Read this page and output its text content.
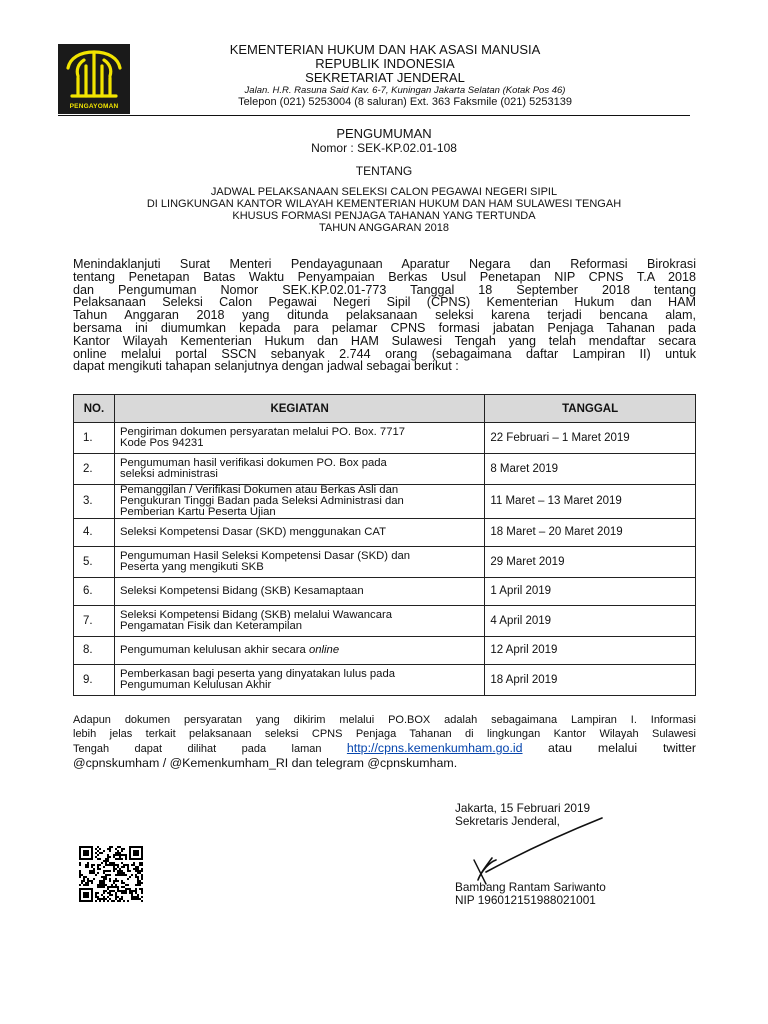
PENGAYOMAN
KEMENTERIAN HUKUM DAN HAK ASASI MANUSIA
REPUBLIK INDONESIA
SEKRETARIAT JENDERAL
Jalan. H.R. Rasuna Said Kav. 6-7, Kuningan Jakarta Selatan (Kotak Pos 46)
Telepon (021) 5253004 (8 saluran) Ext. 363 Faksmile (021) 5253139
PENGUMUMAN
Nomor : SEK-KP.02.01-108
TENTANG
JADWAL PELAKSANAAN SELEKSI CALON PEGAWAI NEGERI SIPIL
DI LINGKUNGAN KANTOR WILAYAH KEMENTERIAN HUKUM DAN HAM SULAWESI TENGAH
KHUSUS FORMASI PENJAGA TAHANAN YANG TERTUNDA
TAHUN ANGGARAN 2018
Menindaklanjuti Surat Menteri Pendayagunaan Aparatur Negara dan Reformasi Birokrasi
tentang Penetapan Batas Waktu Penyampaian Berkas Usul Penetapan NIP CPNS T.A 2018
dan Pengumuman Nomor SEK.KP.02.01-773 Tanggal 18 September 2018 tentang
Pelaksanaan Seleksi Calon Pegawai Negeri Sipil (CPNS) Kementerian Hukum dan HAM
Tahun Anggaran 2018 yang ditunda pelaksanaan seleksi karena terjadi bencana alam,
bersama ini diumumkan kepada para pelamar CPNS formasi jabatan Penjaga Tahanan pada
Kantor Wilayah Kementerian Hukum dan HAM Sulawesi Tengah yang telah mendaftar secara
online melalui portal SSCN sebanyak 2.744 orang (sebagaimana daftar Lampiran II) untuk
dapat mengikuti tahapan selanjutnya dengan jadwal sebagai berikut :
NO.	KEGIATAN	TANGGAL
1.	Pengiriman dokumen persyaratan melalui PO. Box. 7717
Kode Pos 94231	22 Februari – 1 Maret 2019
2.	Pengumuman hasil verifikasi dokumen PO. Box pada
seleksi administrasi	8 Maret 2019
3.	Pemanggilan / Verifikasi Dokumen atau Berkas Asli dan
Pengukuran Tinggi Badan pada Seleksi Administrasi dan
Pemberian Kartu Peserta Ujian	11 Maret – 13 Maret 2019
4.	Seleksi Kompetensi Dasar (SKD) menggunakan CAT	18 Maret – 20 Maret 2019
5.	Pengumuman Hasil Seleksi Kompetensi Dasar (SKD) dan
Peserta yang mengikuti SKB	29 Maret 2019
6.	Seleksi Kompetensi Bidang (SKB) Kesamaptaan	1 April 2019
7.	Seleksi Kompetensi Bidang (SKB) melalui Wawancara
Pengamatan Fisik dan Keterampilan	4 April 2019
8.	Pengumuman kelulusan akhir secara online	12 April 2019
9.	Pemberkasan bagi peserta yang dinyatakan lulus pada
Pengumuman Kelulusan Akhir	18 April 2019
Adapun dokumen persyaratan yang dikirim melalui PO.BOX adalah sebagaimana Lampiran I. Informasi
lebih jelas terkait pelaksanaan seleksi CPNS Penjaga Tahanan di lingkungan Kantor Wilayah Sulawesi
Tengah dapat dilihat pada laman http://cpns.kemenkumham.go.id atau melalui twitter
@cpnskumham / @Kemenkumham_RI dan telegram @cpnskumham.
Jakarta, 15 Februari 2019
Sekretaris Jenderal,
Bambang Rantam Sariwanto
NIP 196012151988021001
